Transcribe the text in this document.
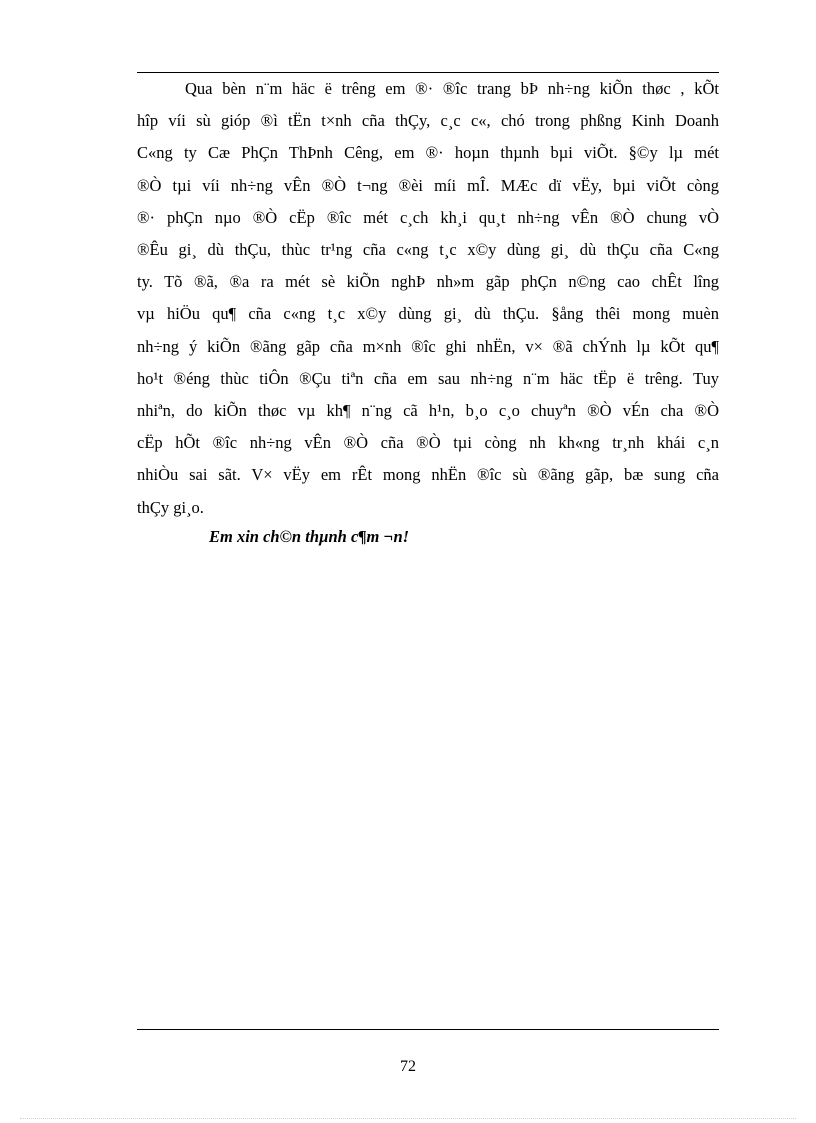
Qua bèn n¨m häc ë trêng em ®· ®îc trang bÞ nh÷ng kiÕn thøc , kÕt
hîp víi sù gióp ®ì tËn t×nh cña thÇy, c¸c c«, chó trong phßng Kinh Doanh
C«ng ty Cæ PhÇn ThÞnh Cêng, em ®· hoµn thµnh bµi viÕt. §©y lµ mét
®Ò tµi víi nh÷ng vÊn ®Ò t¬ng ®èi míi mÎ. MÆc dï vËy, bµi viÕt còng
®· phÇn nµo ®Ò cËp ®îc mét c¸ch kh¸i qu¸t nh÷ng vÊn ®Ò chung vÒ
®Êu gi¸ dù thÇu, thùc tr¹ng cña c«ng t¸c x©y dùng gi¸ dù thÇu cña C«ng
ty. Tõ ®ã, ®a ra mét sè kiÕn nghÞ nh»m gãp phÇn n©ng cao chÊt lîng
vµ hiÖu qu¶ cña c«ng t¸c x©y dùng gi¸ dù thÇu. §ång thêi mong muèn
nh÷ng ý kiÕn ®ãng gãp cña m×nh ®îc ghi nhËn, v× ®ã chÝnh lµ kÕt qu¶
ho¹t ®éng thùc tiÔn ®Çu tiªn cña em sau nh÷ng n¨m häc tËp ë trêng. Tuy
nhiªn, do kiÕn thøc vµ kh¶ n¨ng cã h¹n, b¸o c¸o chuyªn ®Ò vÉn cha ®Ò
cËp hÕt ®îc nh÷ng vÊn ®Ò cña ®Ò tµi còng nh kh«ng tr¸nh khái c¸n
nhiÒu sai sãt. V× vËy em rÊt mong nhËn ®îc sù ®ãng gãp, bæ sung cña
thÇy gi¸o.

Em xin ch©n thµnh c¶m ¬n!

72
